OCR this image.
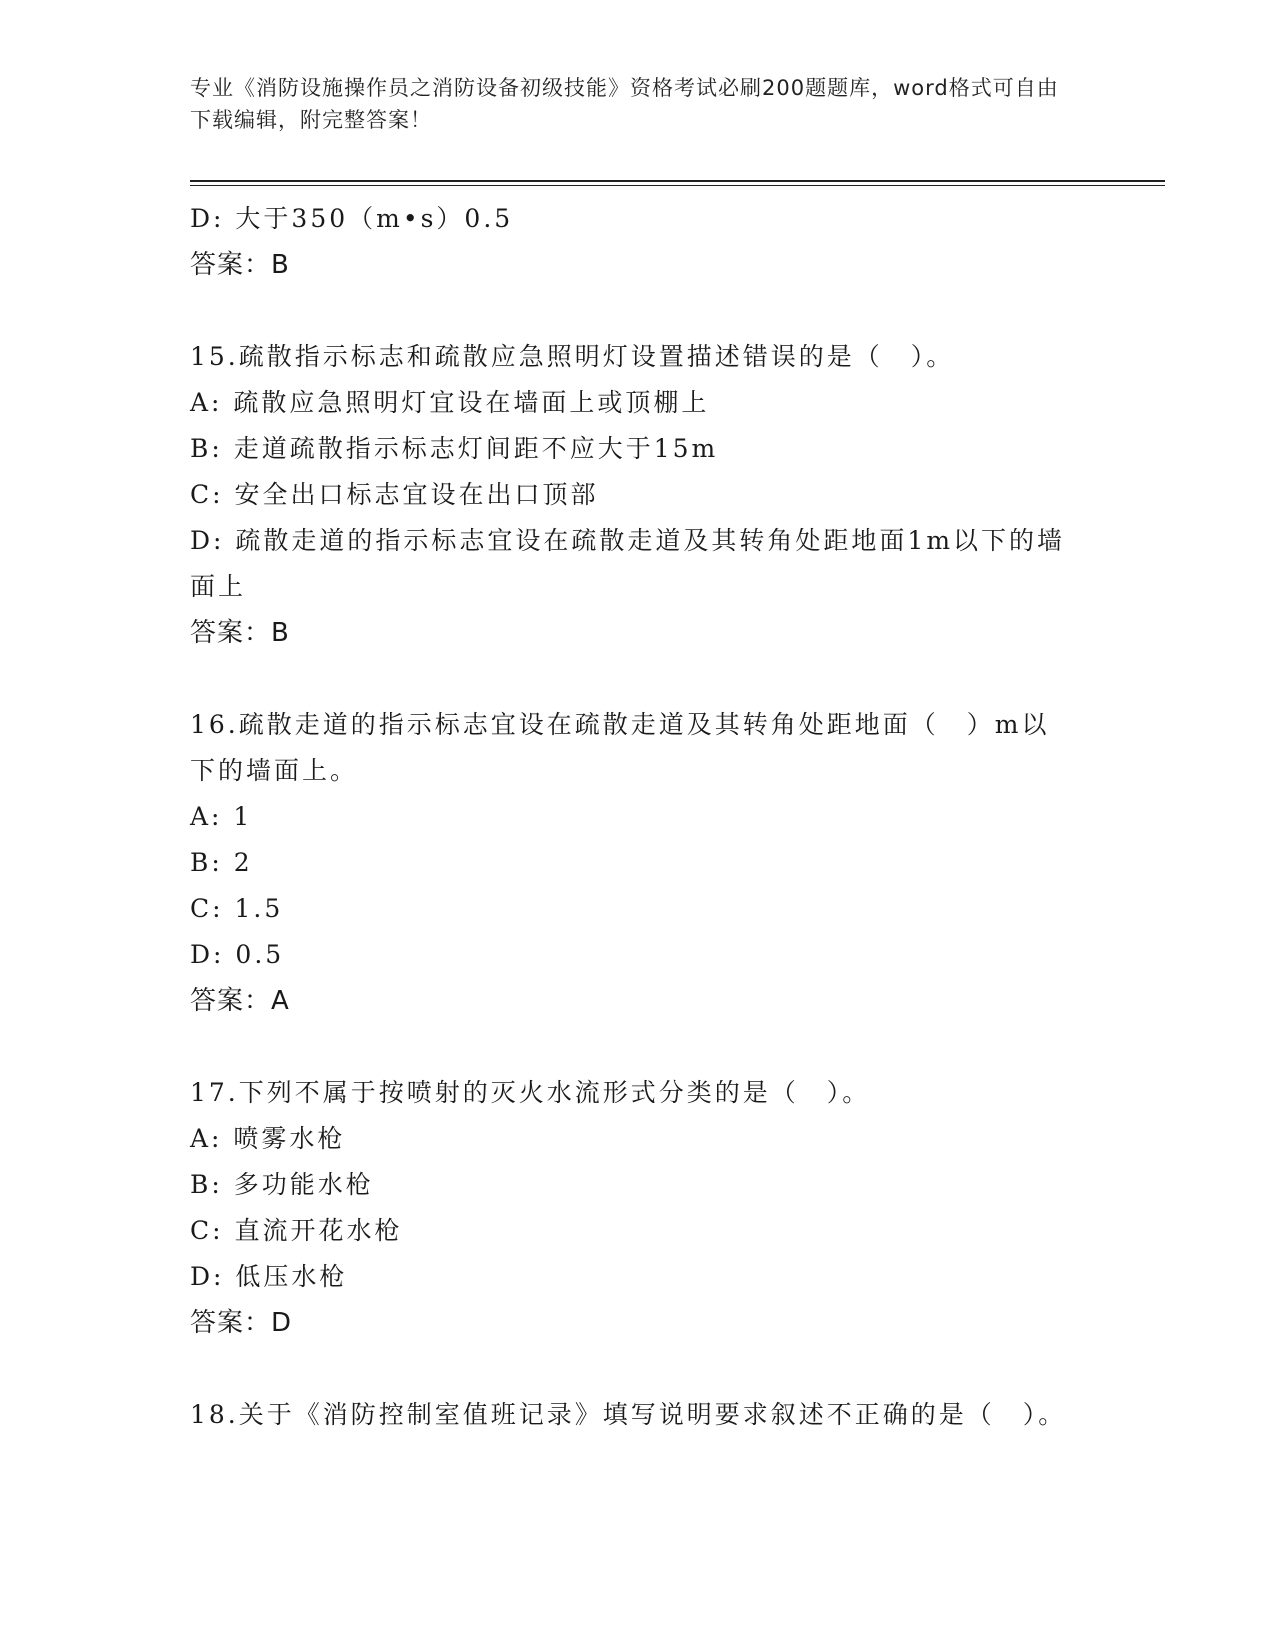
专业《消防设施操作员之消防设备初级技能》资格考试必刷200题题库，word格式可自由下载编辑，附完整答案！
D: 大于350（m•s）0.5
答案：B
15.疏散指示标志和疏散应急照明灯设置描述错误的是（　）。
A: 疏散应急照明灯宜设在墙面上或顶棚上
B: 走道疏散指示标志灯间距不应大于15m
C: 安全出口标志宜设在出口顶部
D: 疏散走道的指示标志宜设在疏散走道及其转角处距地面1m以下的墙面上
答案：B
16.疏散走道的指示标志宜设在疏散走道及其转角处距地面（　）m以下的墙面上。
A: 1
B: 2
C: 1.5
D: 0.5
答案：A
17.下列不属于按喷射的灭火水流形式分类的是（　）。
A: 喷雾水枪
B: 多功能水枪
C: 直流开花水枪
D: 低压水枪
答案：D
18.关于《消防控制室值班记录》填写说明要求叙述不正确的是（　）。
